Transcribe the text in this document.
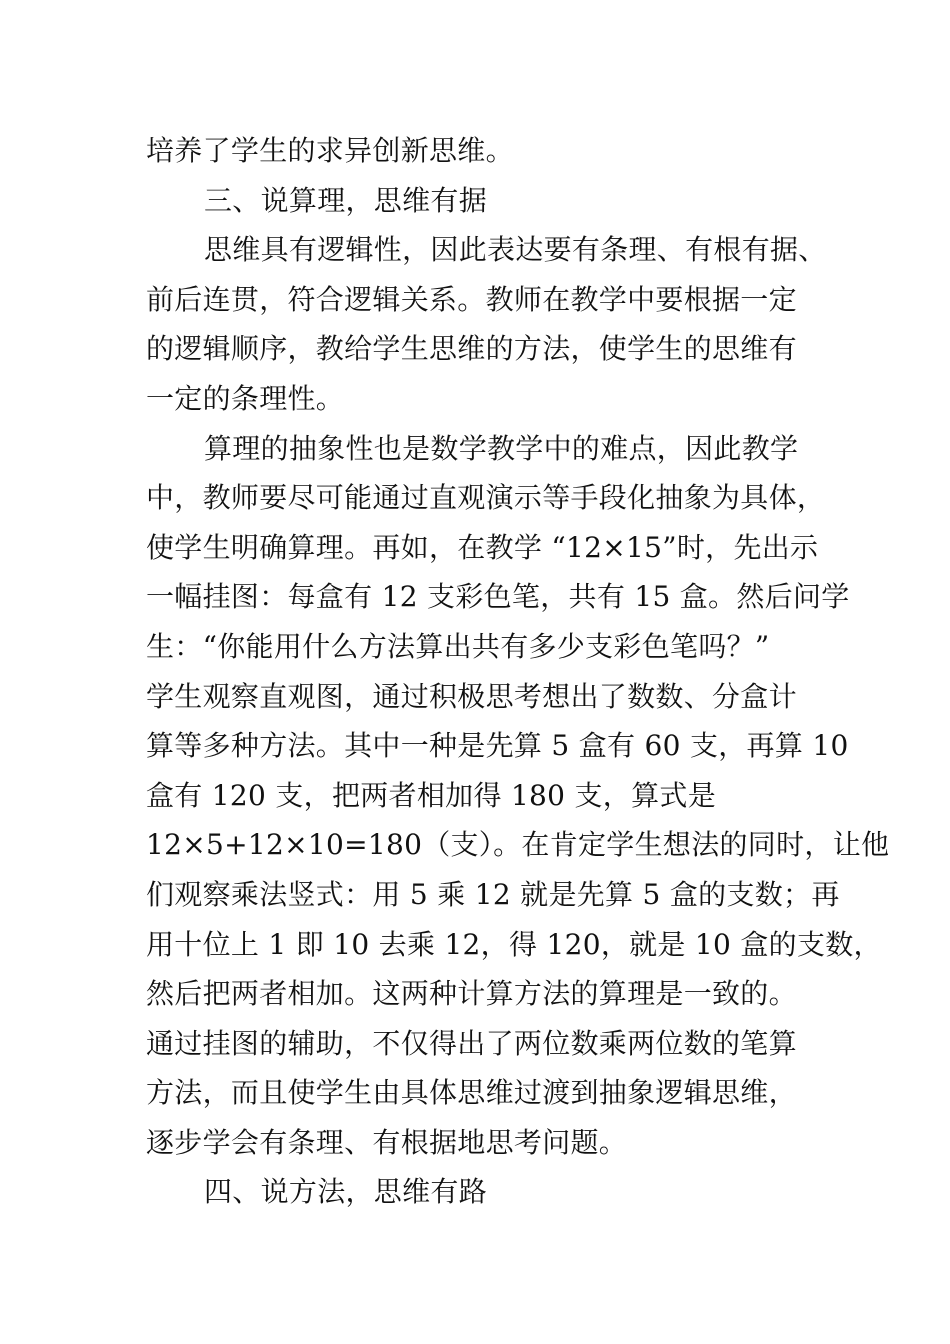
培养了学生的求异创新思维。
三、说算理，思维有据
思维具有逻辑性，因此表达要有条理、有根有据、
前后连贯，符合逻辑关系。教师在教学中要根据一定
的逻辑顺序，教给学生思维的方法，使学生的思维有
一定的条理性。
算理的抽象性也是数学教学中的难点，因此教学
中，教师要尽可能通过直观演示等手段化抽象为具体，
使学生明确算理。再如，在教学 “12×15”时，先出示
一幅挂图：每盒有 12 支彩色笔，共有 15 盒。然后问学
生：“你能用什么方法算出共有多少支彩色笔吗？”
学生观察直观图，通过积极思考想出了数数、分盒计
算等多种方法。其中一种是先算 5 盒有 60 支，再算 10
盒有 120 支，把两者相加得 180 支，算式是
12×5+12×10=180（支）。在肯定学生想法的同时，让他
们观察乘法竖式：用 5 乘 12 就是先算 5 盒的支数；再
用十位上 1 即 10 去乘 12，得 120，就是 10 盒的支数，
然后把两者相加。这两种计算方法的算理是一致的。
通过挂图的辅助，不仅得出了两位数乘两位数的笔算
方法，而且使学生由具体思维过渡到抽象逻辑思维，
逐步学会有条理、有根据地思考问题。
四、说方法，思维有路
